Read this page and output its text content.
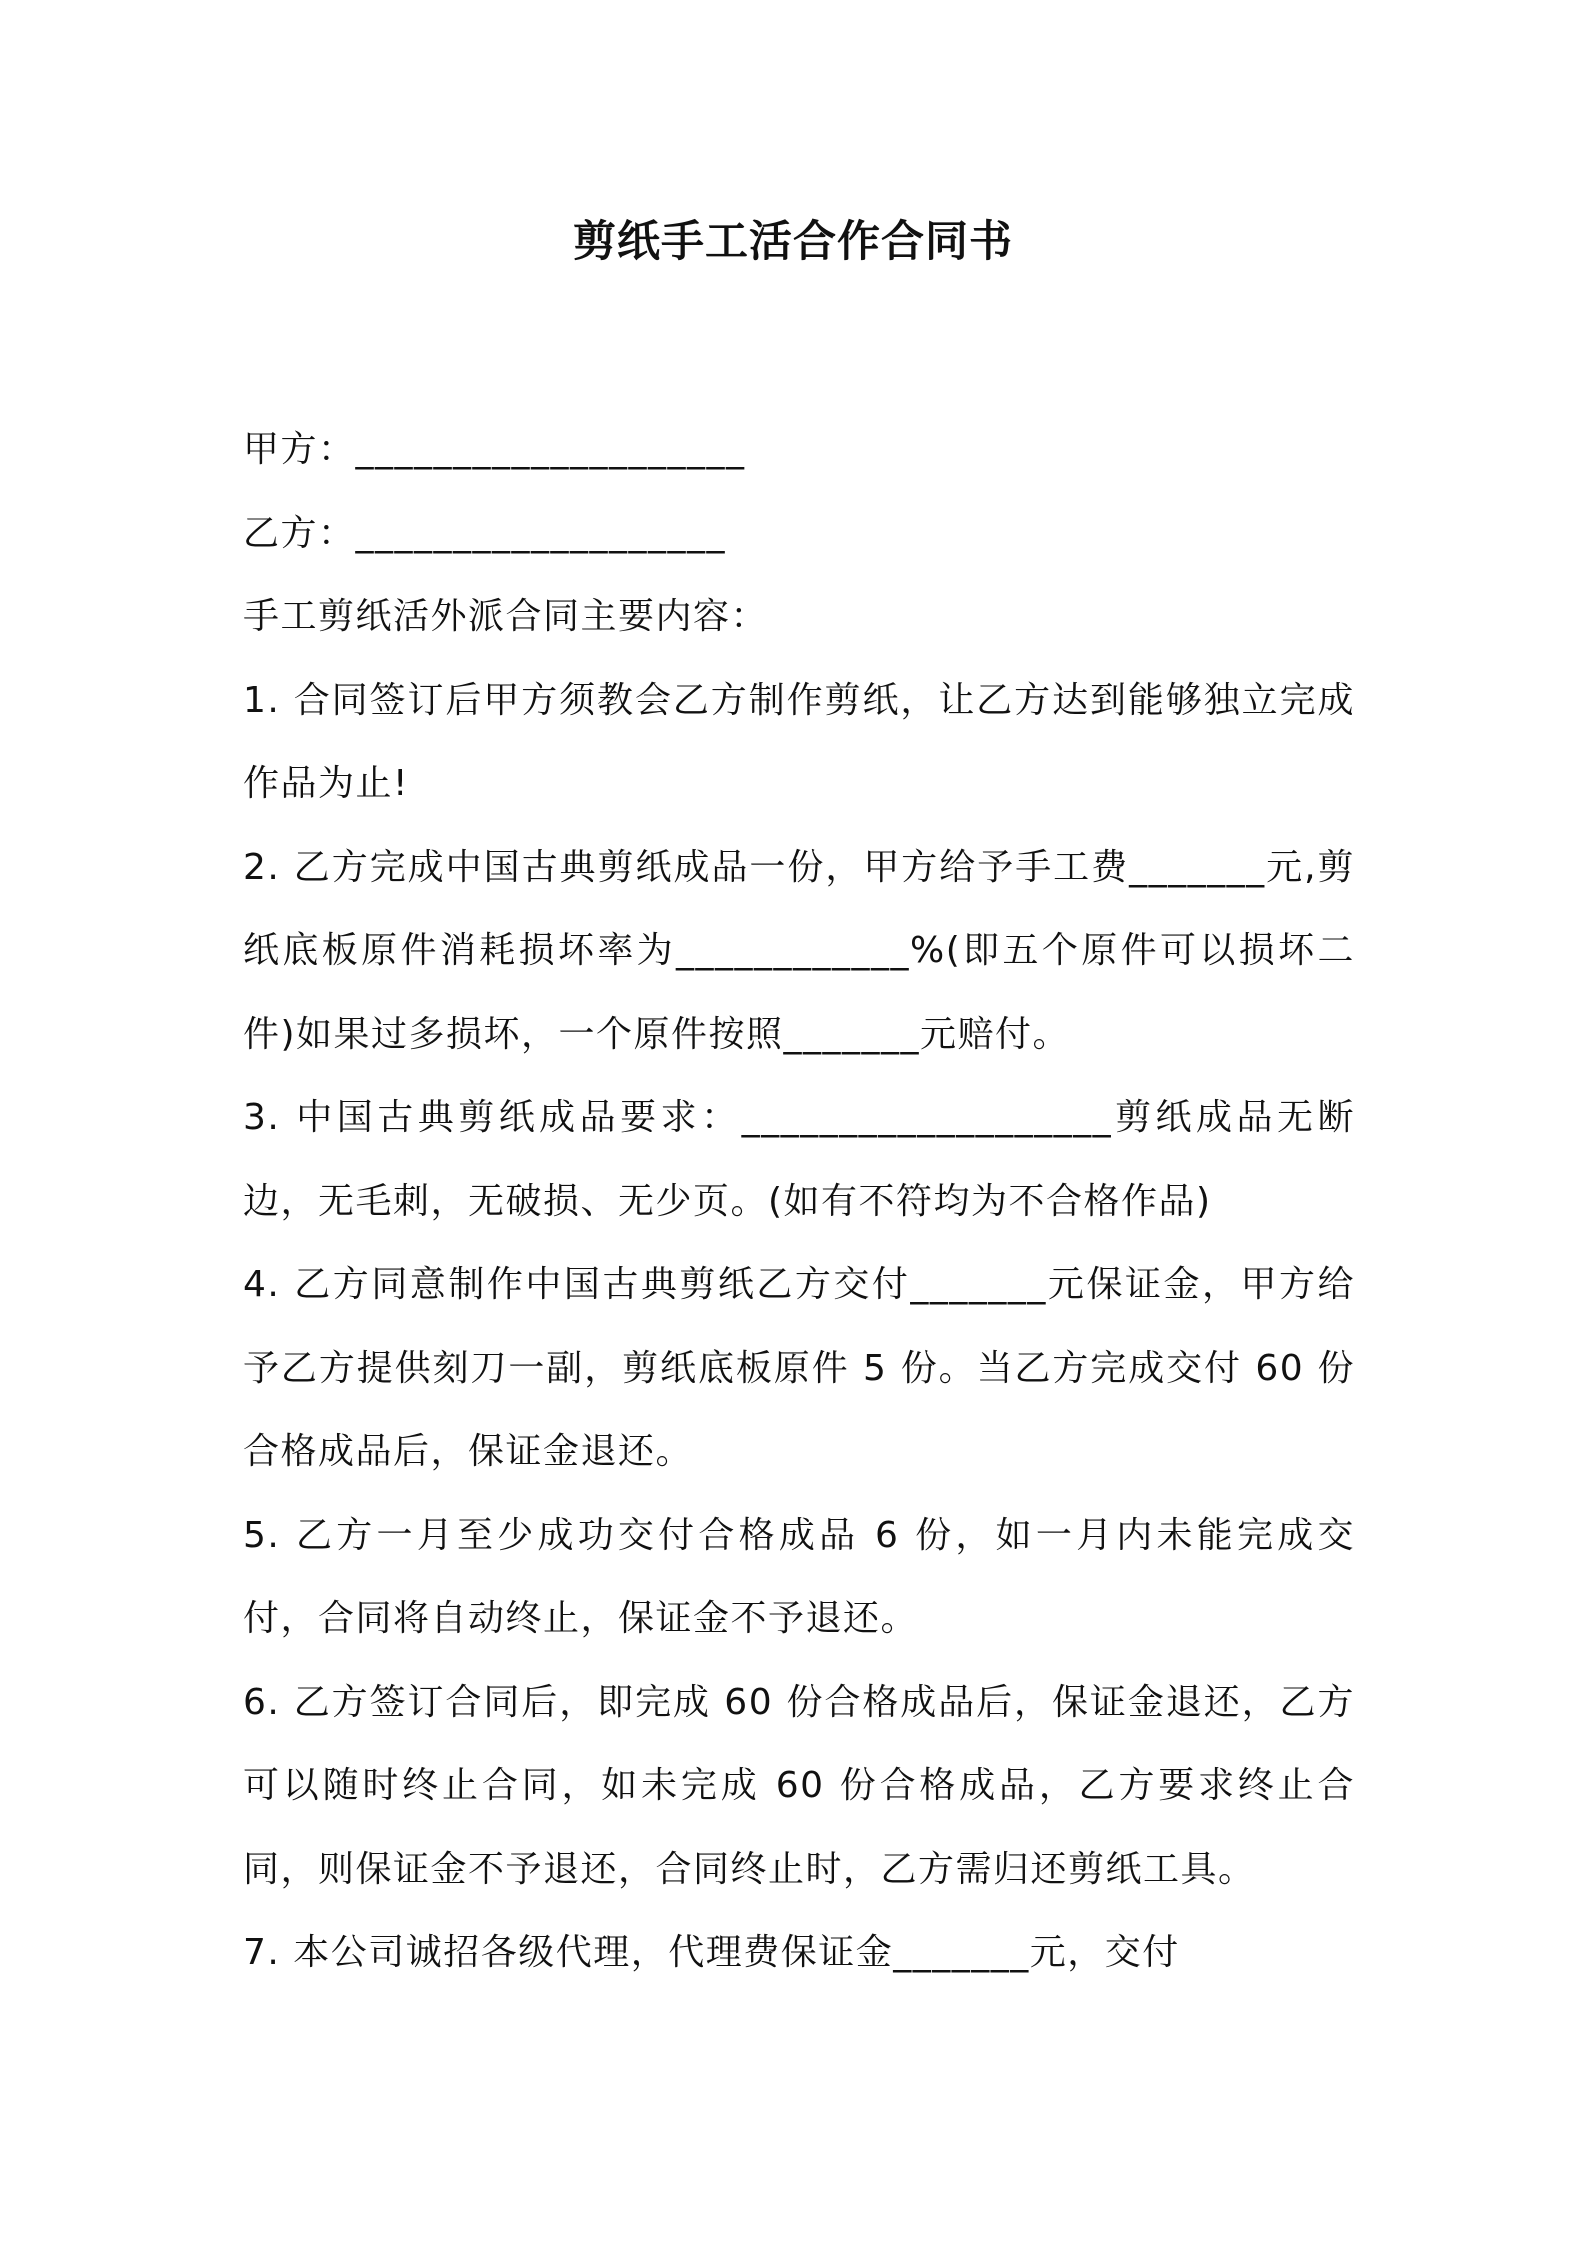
剪纸手工活合作合同书

甲方：____________________

乙方：___________________

手工剪纸活外派合同主要内容：

1. 合同签订后甲方须教会乙方制作剪纸，让乙方达到能够独立完成作品为止!

2. 乙方完成中国古典剪纸成品一份，甲方给予手工费_______元,剪纸底板原件消耗损坏率为____________%(即五个原件可以损坏二件)如果过多损坏，一个原件按照_______元赔付。

3. 中国古典剪纸成品要求：___________________剪纸成品无断边，无毛刺，无破损、无少页。(如有不符均为不合格作品)

4. 乙方同意制作中国古典剪纸乙方交付_______元保证金，甲方给予乙方提供刻刀一副，剪纸底板原件 5 份。当乙方完成交付 60 份合格成品后，保证金退还。

5. 乙方一月至少成功交付合格成品 6 份，如一月内未能完成交付，合同将自动终止，保证金不予退还。

6. 乙方签订合同后，即完成 60 份合格成品后，保证金退还，乙方可以随时终止合同，如未完成 60 份合格成品，乙方要求终止合同，则保证金不予退还，合同终止时，乙方需归还剪纸工具。

7. 本公司诚招各级代理，代理费保证金_______元，交付
